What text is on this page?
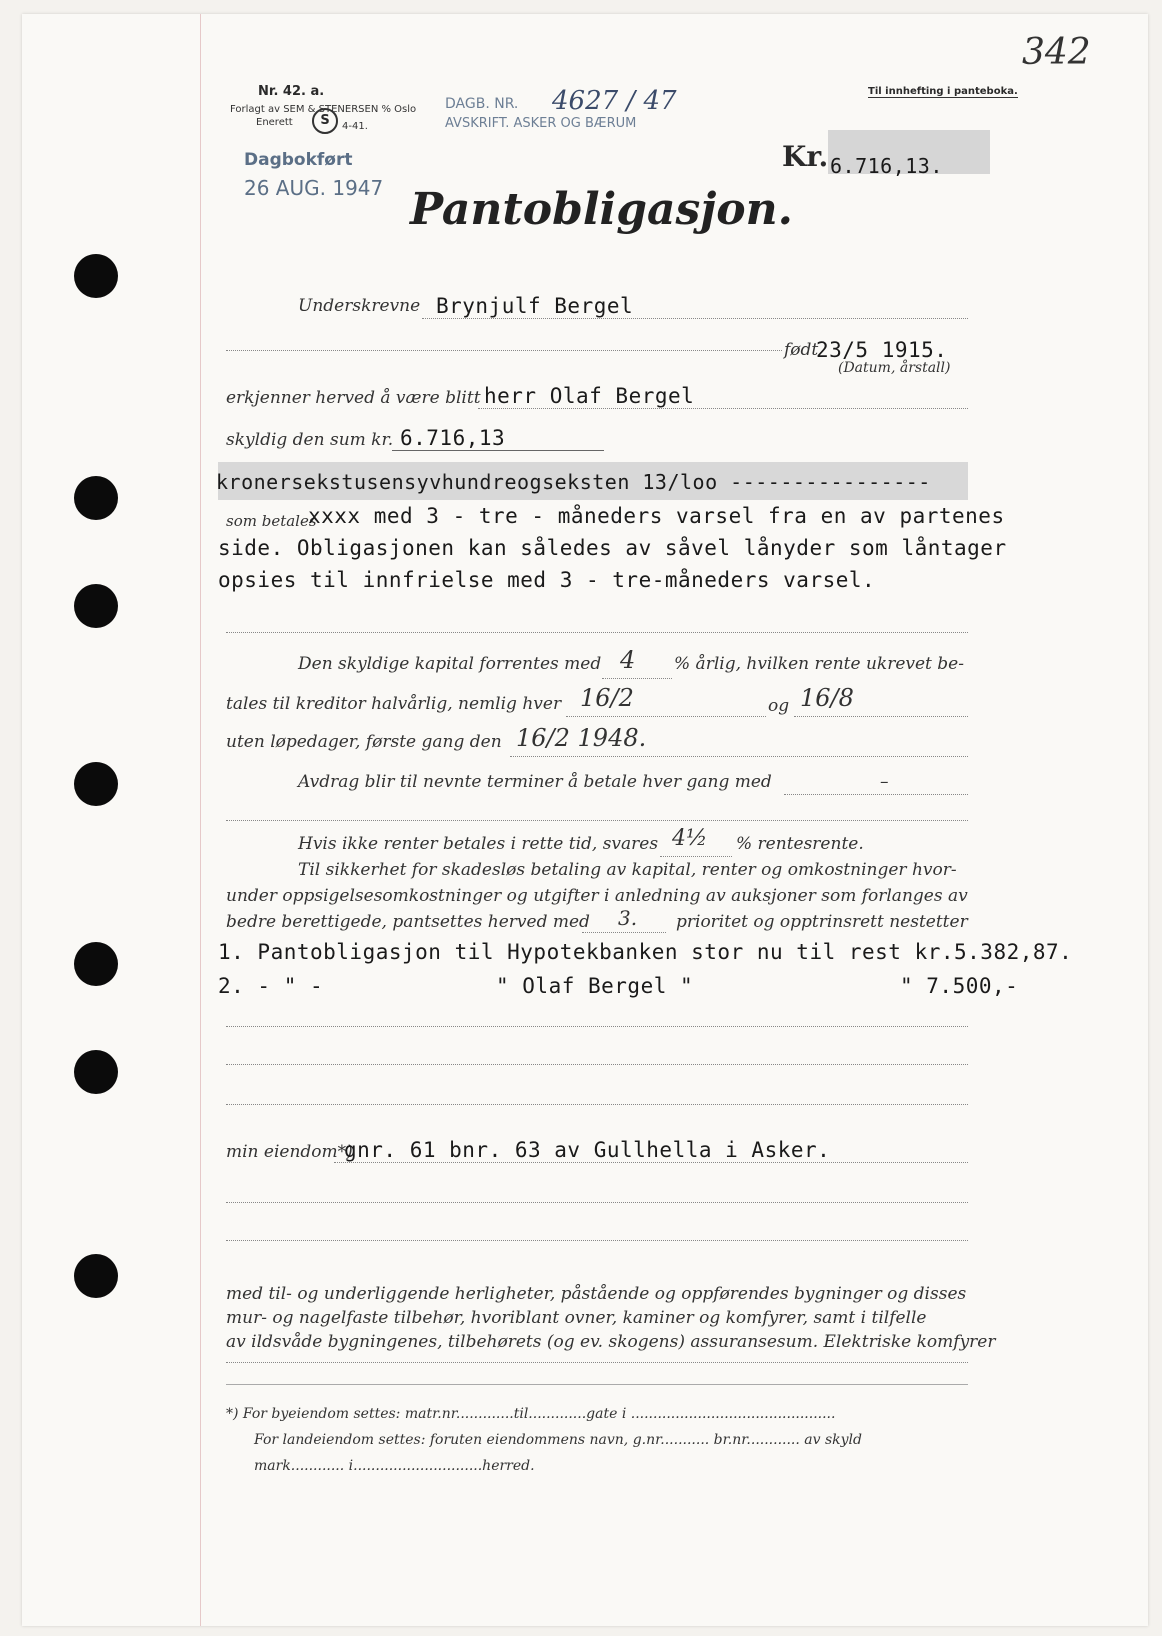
Nr. 42. a.
Forlagt av SEM & STENERSEN % Oslo
Enerett	S	4-41.
DAGB. NR. 4627 / 47
AVSKRIFT. ASKER OG BÆRUM
Til innhefting i panteboka.
342
Dagbokført
26 AUG. 1947
Kr. 6.716,13.
Pantobligasjon.
Underskrevne Brynjulf Bergel
født
23/5 1915.
(Datum, årstall)
erkjenner herved å være blitt herr Olaf Bergel
skyldig den sum kr. 6.716,13
kronersekstusensyvhundreogseksten 13/loo ----------------
som betales
xxxx med 3 - tre - måneders varsel fra en av partenes
side. Obligasjonen kan således av såvel lånyder som låntager
opsies til innfrielse med 3 - tre-måneders varsel.
Den skyldige kapital forrentes med 4 % årlig, hvilken rente ukrevet be-
tales til kreditor halvårlig, nemlig hver 16/2	og 16/8
uten løpedager, første gang den 16/2 1948.
Avdrag blir til nevnte terminer å betale hver gang med	–
Hvis ikke renter betales i rette tid, svares 4½ % rentesrente.
Til sikkerhet for skadesløs betaling av kapital, renter og omkostninger hvor-
under oppsigelsesomkostninger og utgifter i anledning av auksjoner som forlanges av
bedre berettigede, pantsettes herved med 3. prioritet og opptrinsrett nestetter
1. Pantobligasjon til Hypotekbanken stor nu til rest kr.5.382,87.
2. - " -	" Olaf Bergel "	" 7.500,-
min eiendom*)
gnr. 61 bnr. 63 av Gullhella i Asker.
med til- og underliggende herligheter, påstående og oppførendes bygninger og disses
mur- og nagelfaste tilbehør, hvoriblant ovner, kaminer og komfyrer, samt i tilfelle
av ildsvåde bygningenes, tilbehørets (og ev. skogens) assuransesum. Elektriske komfyrer
*) For byeiendom settes: matr.nr.............til.............gate i ..............................................
For landeiendom settes: foruten eiendommens navn, g.nr........... br.nr............ av skyld
mark............ i.............................herred.
